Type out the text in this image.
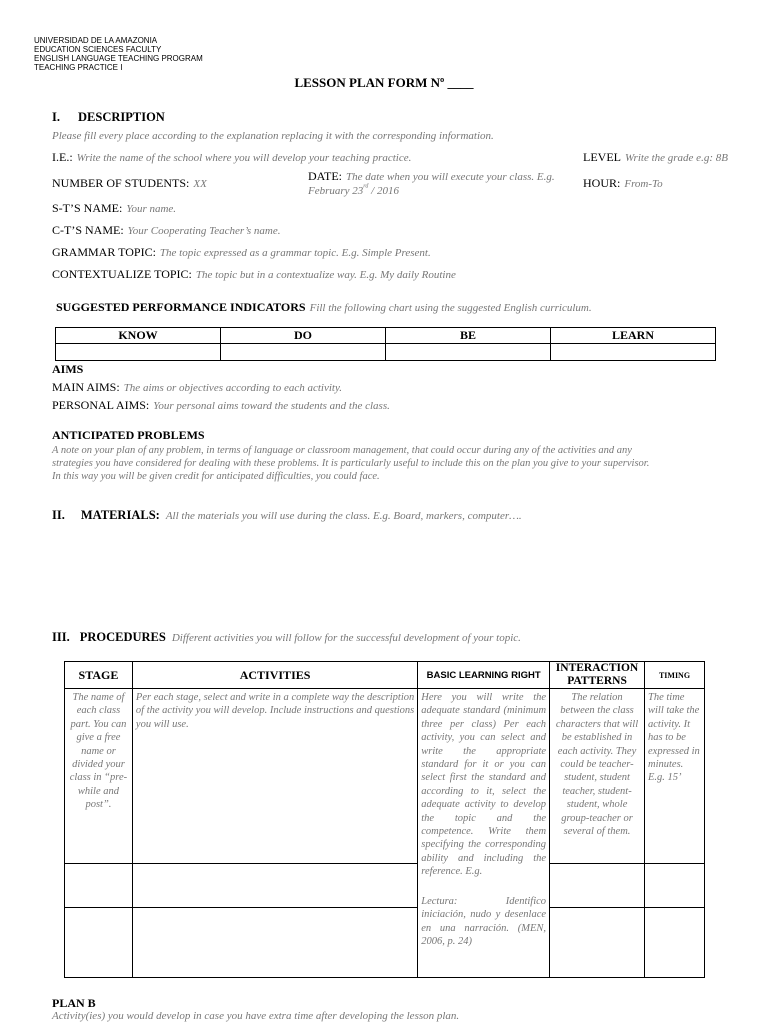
UNIVERSIDAD DE LA AMAZONIA
EDUCATION SCIENCES FACULTY
ENGLISH LANGUAGE TEACHING PROGRAM
TEACHING PRACTICE I
LESSON PLAN FORM Nº ____
I. DESCRIPTION
Please fill every place according to the explanation replacing it with the corresponding information.
I.E.: Write the name of the school where you will develop your teaching practice.	LEVEL Write the grade e.g: 8B
NUMBER OF STUDENTS: XX
DATE: The date when you will execute your class. E.g.
February 23rd / 2016
HOUR: From-To
S-T’S NAME: Your name.
C-T’S NAME: Your Cooperating Teacher’s name.
GRAMMAR TOPIC: The topic expressed as a grammar topic. E.g. Simple Present.
CONTEXTUALIZE TOPIC: The topic but in a contextualize way. E.g. My daily Routine
SUGGESTED PERFORMANCE INDICATORS Fill the following chart using the suggested English curriculum.
KNOW	DO	BE	LEARN

AIMS
MAIN AIMS: The aims or objectives according to each activity.
PERSONAL AIMS: Your personal aims toward the students and the class.
ANTICIPATED PROBLEMS
A note on your plan of any problem, in terms of language or classroom management, that could occur during any of the activities and any
strategies you have considered for dealing with these problems. It is particularly useful to include this on the plan you give to your supervisor.
In this way you will be given credit for anticipated difficulties, you could face.
II. MATERIALS: All the materials you will use during the class. E.g. Board, markers, computer….
III. PROCEDURES Different activities you will follow for the successful development of your topic.
STAGE	ACTIVITIES	BASIC LEARNING RIGHT	INTERACTION PATTERNS	TIMING

The name of each class part. You can give a free name or divided your class in “pre-while and post”.	Per each stage, select and write in a complete way the description of the activity you will develop. Include instructions and questions you will use.	Here you will write the adequate standard (minimum three per class) Per each activity, you can select and write the appropriate standard for it or you can select first the standard and according to it, select the adequate activity to develop the topic and the competence. Write them specifying the corresponding ability and including the reference. E.g.
Lectura: Identifico iniciación, nudo y desenlace en una narración. (MEN, 2006, p. 24)	The relation between the class characters that will be established in each activity. They could be teacher- student, student teacher, student-student, whole group-teacher or several of them.	The time will take the activity. It has to be expressed in minutes. E.g. 15’

PLAN B
Activity(ies) you would develop in case you have extra time after developing the lesson plan.
